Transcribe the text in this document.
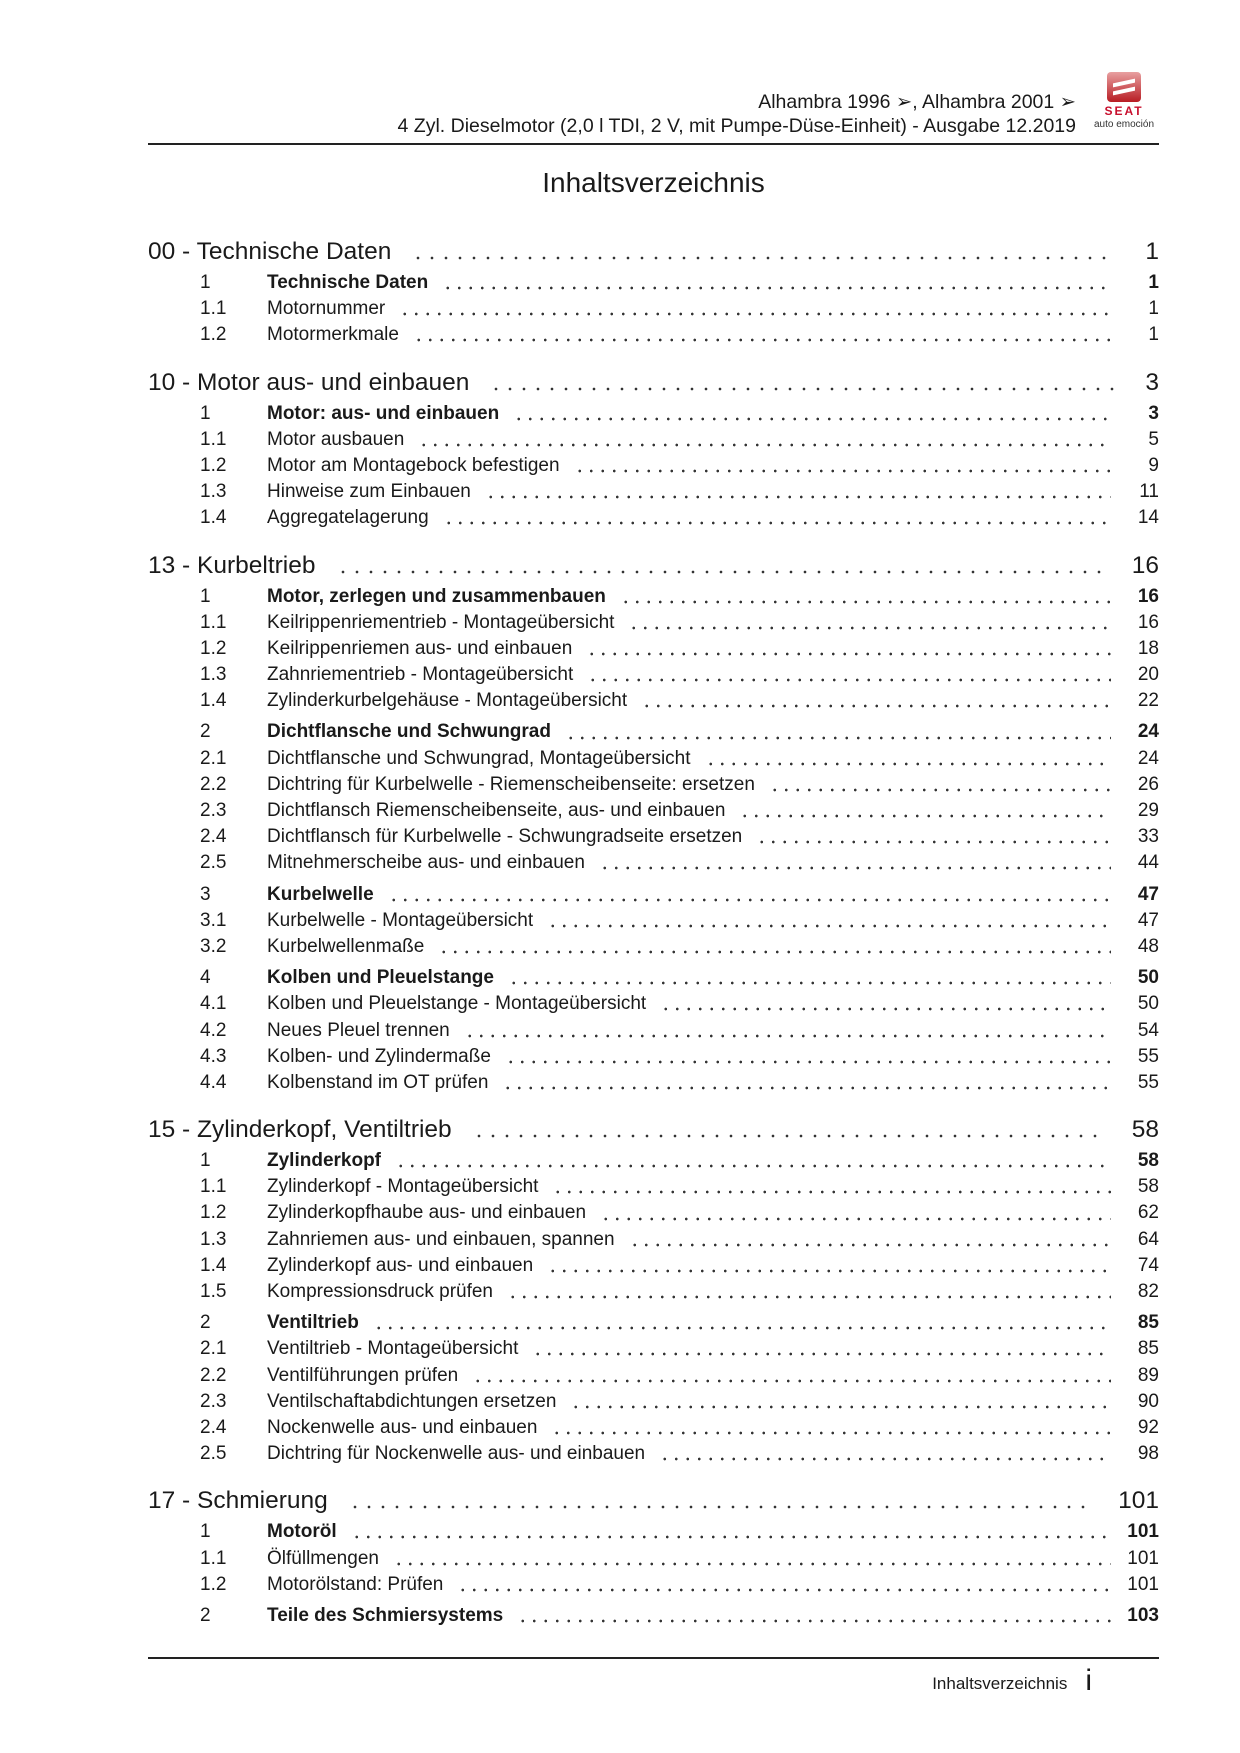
Alhambra 1996 ➢, Alhambra 2001 ➢
4 Zyl. Dieselmotor (2,0 l TDI, 2 V, mit Pumpe-Düse-Einheit) - Ausgabe 12.2019
SEAT
auto emoción
Inhaltsverzeichnis
00 - Technische Daten	1
1	Technische Daten	1
1.1	Motornummer	1
1.2	Motormerkmale	1
10 - Motor aus- und einbauen	3
1	Motor: aus- und einbauen	3
1.1	Motor ausbauen	5
1.2	Motor am Montagebock befestigen	9
1.3	Hinweise zum Einbauen	11
1.4	Aggregatelagerung	14
13 - Kurbeltrieb	16
1	Motor, zerlegen und zusammenbauen	16
1.1	Keilrippenriementrieb - Montageübersicht	16
1.2	Keilrippenriemen aus- und einbauen	18
1.3	Zahnriementrieb - Montageübersicht	20
1.4	Zylinderkurbelgehäuse - Montageübersicht	22
2	Dichtflansche und Schwungrad	24
2.1	Dichtflansche und Schwungrad, Montageübersicht	24
2.2	Dichtring für Kurbelwelle - Riemenscheibenseite: ersetzen	26
2.3	Dichtflansch Riemenscheibenseite, aus- und einbauen	29
2.4	Dichtflansch für Kurbelwelle - Schwungradseite ersetzen	33
2.5	Mitnehmerscheibe aus- und einbauen	44
3	Kurbelwelle	47
3.1	Kurbelwelle - Montageübersicht	47
3.2	Kurbelwellenmaße	48
4	Kolben und Pleuelstange	50
4.1	Kolben und Pleuelstange - Montageübersicht	50
4.2	Neues Pleuel trennen	54
4.3	Kolben- und Zylindermaße	55
4.4	Kolbenstand im OT prüfen	55
15 - Zylinderkopf, Ventiltrieb	58
1	Zylinderkopf	58
1.1	Zylinderkopf - Montageübersicht	58
1.2	Zylinderkopfhaube aus- und einbauen	62
1.3	Zahnriemen aus- und einbauen, spannen	64
1.4	Zylinderkopf aus- und einbauen	74
1.5	Kompressionsdruck prüfen	82
2	Ventiltrieb	85
2.1	Ventiltrieb - Montageübersicht	85
2.2	Ventilführungen prüfen	89
2.3	Ventilschaftabdichtungen ersetzen	90
2.4	Nockenwelle aus- und einbauen	92
2.5	Dichtring für Nockenwelle aus- und einbauen	98
17 - Schmierung	101
1	Motoröl	101
1.1	Ölfüllmengen	101
1.2	Motorölstand: Prüfen	101
2	Teile des Schmiersystems	103
Inhaltsverzeichnis i
